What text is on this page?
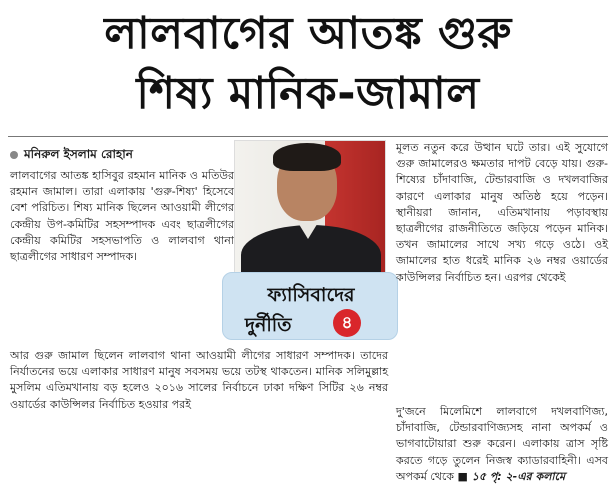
লালবাগের আতঙ্ক গুরু
শিষ্য মানিক-জামাল
মনিরুল ইসলাম রোহান
লালবাগের আতঙ্ক হাসিবুর রহমান মানিক ও মতিউর রহমান জামাল। তারা এলাকায় 'গুরু-শিষ্য' হিসেবে বেশ পরিচিত। শিষ্য মানিক ছিলেন আওয়ামী লীগের কেন্দ্রীয় উপ-কমিটির সহসম্পাদক এবং ছাত্রলীগের কেন্দ্রীয় কমিটির সহসভাপতি ও লালবাগ থানা ছাত্রলীগের সাধারণ সম্পাদক।
ফ্যাসিবাদের
দুর্নীতি	৪
মূলত নতুন করে উত্থান ঘটে তার। এই সুযোগে গুরু জামালেরও ক্ষমতার দাপট বেড়ে যায়। গুরু-শিষ্যের চাঁদাবাজি, টেন্ডারবাজি ও দখলবাজির কারণে এলাকার মানুষ অতিষ্ঠ হয়ে পড়েন। স্থানীয়রা জানান, এতিমখানায় পড়াবস্থায় ছাত্রলীগের রাজনীতিতে জড়িয়ে পড়েন মানিক। তখন জামালের সাথে সখ্য গড়ে ওঠে। ওই জামালের হাত ধরেই মানিক ২৬ নম্বর ওয়ার্ডের কাউন্সিলর নির্বাচিত হন। এরপর থেকেই
আর গুরু জামাল ছিলেন লালবাগ থানা আওয়ামী লীগের সাধারণ সম্পাদক। তাদের নির্যাতনের ভয়ে এলাকার সাধারণ মানুষ সবসময় ভয়ে তটস্থ থাকতেন। মানিক সলিমুল্লাহ মুসলিম এতিমখানায় বড় হলেও ২০১৬ সালের নির্বাচনে ঢাকা দক্ষিণ সিটির ২৬ নম্বর ওয়ার্ডের কাউন্সিলর নির্বাচিত হওয়ার পরই
দু'জনে মিলেমিশে লালবাগে দখলবাণিজ্য, চাঁদাবাজি, টেন্ডারবাণিজ্যসহ নানা অপকর্ম ও ভাগবাটোয়ারা শুরু করেন। এলাকায় ত্রাস সৃষ্টি করতে গড়ে তুলেন নিজস্ব ক্যাডারবাহিনী। এসব অপকর্ম থেকে ■ ১৫ পৃ: ২-এর কলামে
